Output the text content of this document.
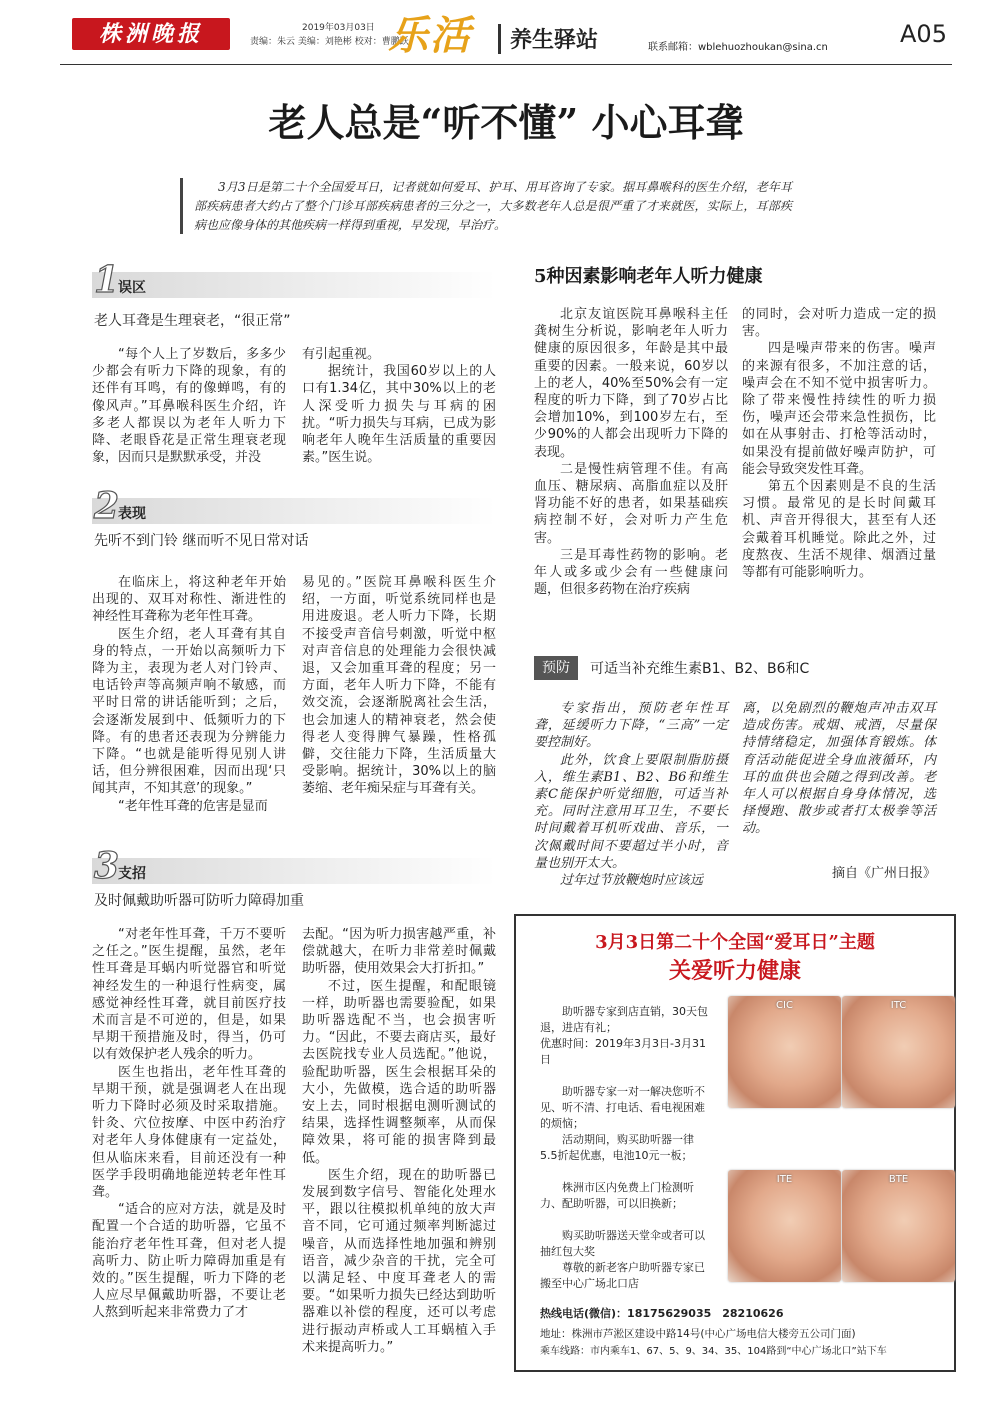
株洲晚报	2019年03月03日
责编：朱云 美编：刘艳彬 校对：曹鹏跃
乐活 养生驿站	联系邮箱：wblehuozhoukan@sina.cn	A05
老人总是“听不懂” 小心耳聋
3月3日是第二十个全国爱耳日，记者就如何爱耳、护耳、用耳咨询了专家。据耳鼻喉科的医生介绍，老年耳部疾病患者大约占了整个门诊耳部疾病患者的三分之一，大多数老年人总是很严重了才来就医，实际上，耳部疾病也应像身体的其他疾病一样得到重视，早发现，早治疗。
1
误区
老人耳聋是生理衰老，“很正常”

“每个人上了岁数后，多多少少都会有听力下降的现象，有的还伴有耳鸣，有的像蝉鸣，有的像风声。”耳鼻喉科医生介绍，许多老人都误以为老年人听力下降、老眼昏花是正常生理衰老现象，因而只是默默承受，并没

有引起重视。

据统计，我国60岁以上的人口有1.34亿，其中30%以上的老人深受听力损失与耳病的困扰。“听力损失与耳病，已成为影响老年人晚年生活质量的重要因素。”医生说。

2
表现
先听不到门铃 继而听不见日常对话

在临床上，将这种老年开始出现的、双耳对称性、渐进性的神经性耳聋称为老年性耳聋。

医生介绍，老人耳聋有其自身的特点，一开始以高频听力下降为主，表现为老人对门铃声、电话铃声等高频声响不敏感，而平时日常的讲话能听到；之后，会逐渐发展到中、低频听力的下降。有的患者还表现为分辨能力下降。“也就是能听得见别人讲话，但分辨很困难，因而出现‘只闻其声，不知其意’的现象。”

“老年性耳聋的危害是显而

易见的。”医院耳鼻喉科医生介绍，一方面，听觉系统同样也是用进废退。老人听力下降，长期不接受声音信号刺激，听觉中枢对声音信息的处理能力会很快减退，又会加重耳聋的程度；另一方面，老年人听力下降，不能有效交流，会逐渐脱离社会生活，也会加速人的精神衰老，然会使得老人变得脾气暴躁，性格孤僻，交往能力下降，生活质量大受影响。据统计，30%以上的脑萎缩、老年痴呆症与耳聋有关。

3
支招
及时佩戴助听器可防听力障碍加重

“对老年性耳聋，千万不要听之任之。”医生提醒，虽然，老年性耳聋是耳蜗内听觉器官和听觉神经发生的一种退行性病变，属感觉神经性耳聋，就目前医疗技术而言是不可逆的，但是，如果早期干预措施及时，得当，仍可以有效保护老人残余的听力。

医生也指出，老年性耳聋的早期干预，就是强调老人在出现听力下降时必须及时采取措施。针灸、穴位按摩、中医中药治疗对老年人身体健康有一定益处，但从临床来看，目前还没有一种医学手段明确地能逆转老年性耳聋。

“适合的应对方法，就是及时配置一个合适的助听器，它虽不能治疗老年性耳聋，但对老人提高听力、防止听力障碍加重是有效的。”医生提醒，听力下降的老人应尽早佩戴助听器，不要让老人熬到听起来非常费力了才

去配。“因为听力损害越严重，补偿就越大，在听力非常差时佩戴助听器，使用效果会大打折扣。”

不过，医生提醒，和配眼镜一样，助听器也需要验配，如果助听器选配不当，也会损害听力。“因此，不要去商店买，最好去医院找专业人员选配。”他说，验配助听器，医生会根据耳朵的大小，先做模，选合适的助听器安上去，同时根据电测听测试的结果，选择性调整频率，从而保障效果，将可能的损害降到最低。

医生介绍，现在的助听器已发展到数字信号、智能化处理水平，跟以往模拟机单纯的放大声音不同，它可通过频率判断滤过噪音，从而选择性地加强和辨别语音，减少杂音的干扰，完全可以满足轻、中度耳聋老人的需要。“如果听力损失已经达到助听器难以补偿的程度，还可以考虑进行振动声桥或人工耳蜗植入手术来提高听力。”

5种因素影响老年人听力健康

北京友谊医院耳鼻喉科主任龚树生分析说，影响老年人听力健康的原因很多，年龄是其中最重要的因素。一般来说，60岁以上的老人，40%至50%会有一定程度的听力下降，到了70岁占比会增加10%，到100岁左右，至少90%的人都会出现听力下降的表现。

二是慢性病管理不佳。有高血压、糖尿病、高脂血症以及肝肾功能不好的患者，如果基础疾病控制不好，会对听力产生危害。

三是耳毒性药物的影响。老年人或多或少会有一些健康问题，但很多药物在治疗疾病

的同时，会对听力造成一定的损害。

四是噪声带来的伤害。噪声的来源有很多，不加注意的话，噪声会在不知不觉中损害听力。除了带来慢性持续性的听力损伤，噪声还会带来急性损伤，比如在从事射击、打枪等活动时，如果没有提前做好噪声防护，可能会导致突发性耳聋。

第五个因素则是不良的生活习惯。最常见的是长时间戴耳机、声音开得很大，甚至有人还会戴着耳机睡觉。除此之外，过度熬夜、生活不规律、烟酒过量等都有可能影响听力。

预防	可适当补充维生素B1、B2、B6和C

专家指出，预防老年性耳聋，延缓听力下降，“三高”一定要控制好。

此外，饮食上要限制脂肪摄入，维生素B1、B2、B6和维生素C能保护听觉细胞，可适当补充。同时注意用耳卫生，不要长时间戴着耳机听戏曲、音乐，一次佩戴时间不要超过半小时，音量也别开太大。

过年过节放鞭炮时应该远

离，以免剧烈的鞭炮声冲击双耳造成伤害。戒烟、戒酒，尽量保持情绪稳定，加强体育锻炼。体育活动能促进全身血液循环，内耳的血供也会随之得到改善。老年人可以根据自身身体情况，选择慢跑、散步或者打太极拳等活动。

摘自《广州日报》
3月3日第二十个全国“爱耳日”主题
关爱听力健康
助听器专家到店直销，30天包退，进店有礼；
优惠时间：2019年3月3日-3月31日
助听器专家一对一解决您听不见、听不清、打电话、看电视困难的烦恼；
活动期间，购买助听器一律5.5折起优惠，电池10元一板；
株洲市区内免费上门检测听力、配助听器，可以旧换新；
购买助听器送天堂伞或者可以抽红包大奖
尊敬的新老客户助听器专家已搬至中心广场北口店
CIC	ITC
ITE	BTE
热线电话(微信)：18175629035　28210626
地址：株洲市芦淞区建设中路14号(中心广场电信大楼旁五公司门面)
乘车线路：市内乘车1、67、5、9、34、35、104路到“中心广场北口”站下车
